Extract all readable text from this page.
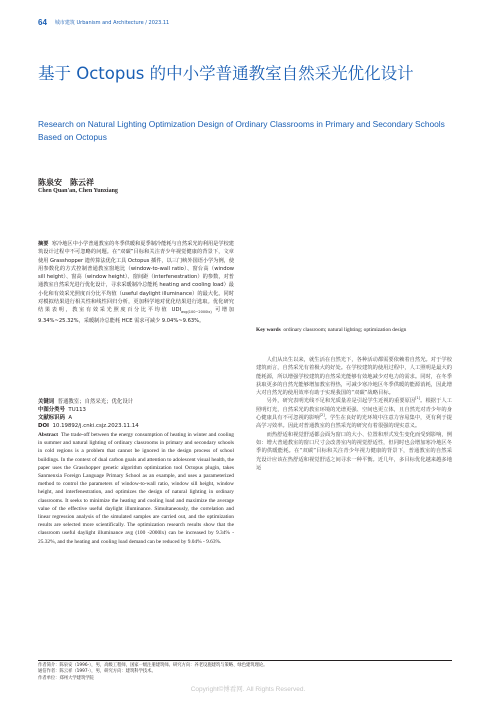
64 城市建筑 Urbanism and Architecture / 2023.11
基于 Octopus 的中小学普通教室自然采光优化设计
Research on Natural Lighting Optimization Design of Ordinary Classrooms in Primary and Secondary Schools Based on Octopus
陈泉安　陈云祥
Chen Quan'an, Chen Yunxiang
摘要 寒冷地区中小学普通教室的冬季供暖和夏季制冷能耗与自然采光的利用是学校建筑设计过程中不可忽略的问题。在“双碳”目标和关注青少年视觉健康的背景下，文章使用 Grasshopper 遗传算法优化工具 Octopus 插件，以三门峡外国语小学为例，使用参数化的方式控制普通教室窗地比（window-to-wall ratio）、窗台高（window sill height）、窗高（window height）、窗间距（interfenestration）的参数，对普通教室自然采光进行优化设计，寻求采暖制冷总能耗 heating and cooling load）最小化和有效采光照度百分比平均值（useful daylight illuminance）的最大化。同时对模拟结果进行相关性和线性回归分析，更加科学地对优化结果进行选取。优化研究结果表明，教室有效采光照度百分比平均值 $UDI_{avg(100\sim 2000lx)}$ 可增加 9.34%~25.32%，采暖制冷总能耗 HCE 需求可减少 9.04%~9.63%。
关键词 普通教室；自然采光；优化设计
中图分类号 TU113
文献标识码 A
DOI 10.19892/j.cnki.csjz.2023.11.14
Abstract The trade-off between the energy consumption of heating in winter and cooling in summer and natural lighting of ordinary classrooms in primary and secondary schools in cold regions is a problem that cannot be ignored in the design process of school buildings. In the context of dual carbon goals and attention to adolescent visual health, the paper uses the Grasshopper genetic algorithm optimization tool Octopus plugin, takes Sanmenxia Foreign Language Primary School as an example, and uses a parameterized method to control the parameters of window-to-wall ratio, window sill height, window height, and interfenestration, and optimizes the design of natural lighting in ordinary classrooms. It seeks to minimize the heating and cooling load and maximize the average value of the effective useful daylight illuminance. Simultaneously, the correlation and linear regression analysis of the simulated samples are carried out, and the optimization results are selected more scientifically. The optimization research results show that the classroom useful daylight illuminance avg (100 -2000lx) can be increased by 9.34% - 25.32%, and the heating and cooling load demand can be reduced by 9.04% - 9.63%.
Key words ordinary classroom; natural lighting; optimization design

人们从出生以来，就生活在自然光下，各种活动都需要依赖着自然光。对于学校建筑而言，自然采光有着极大的好处。在学校建筑的使用过程中，人工照明是最大的能耗源，所以增强学校建筑的自然采光能够有效地减少对电力的需求。同时，在冬季获取更多的自然光能够增加教室得热，可减少寒冷地区冬季供暖的能源消耗，因此增大对自然光的使用效率有助于实现我国的“双碳”战略目标。

另外，研究表明光线不足和光质量差是引起学生近视的重要原因[1]。根据于人工照明灯光，自然采光的教室环境的光谱更强、空间也更立体，且自然光对青少年的身心健康具有不可忽视的影响[2]。学生在良好的光环境中注意力容易集中，更有利于提高学习效率。因此对普通教室的自然采光的研究有着很强的现实意义。

而热舒适和视觉舒适都会面为窗口的大小、位置和形式发生变化而受到影响，例如：增大普通教室的窗口尺寸会改善室内的视觉舒适性，但同时也会增加寒冷地区冬季的供暖能耗。在“双碳”目标和关注青少年视力健康的背景下，普通教室的自然采光设计应该在热舒适和视觉舒适之间寻求一种平衡。近几年，多目标优化越来越多地运

作者简介：陈泉安（1996-），男，高级工程师，国家一级注册建筑师。研究方向：养老设施建筑与策略、绿色建筑理论。
通信作者：陈云祥（1997-），男，研究方向：建筑科学技术。
作者单位：郑州大学建筑学院
Copyright©博看网. All Rights Reserved.
